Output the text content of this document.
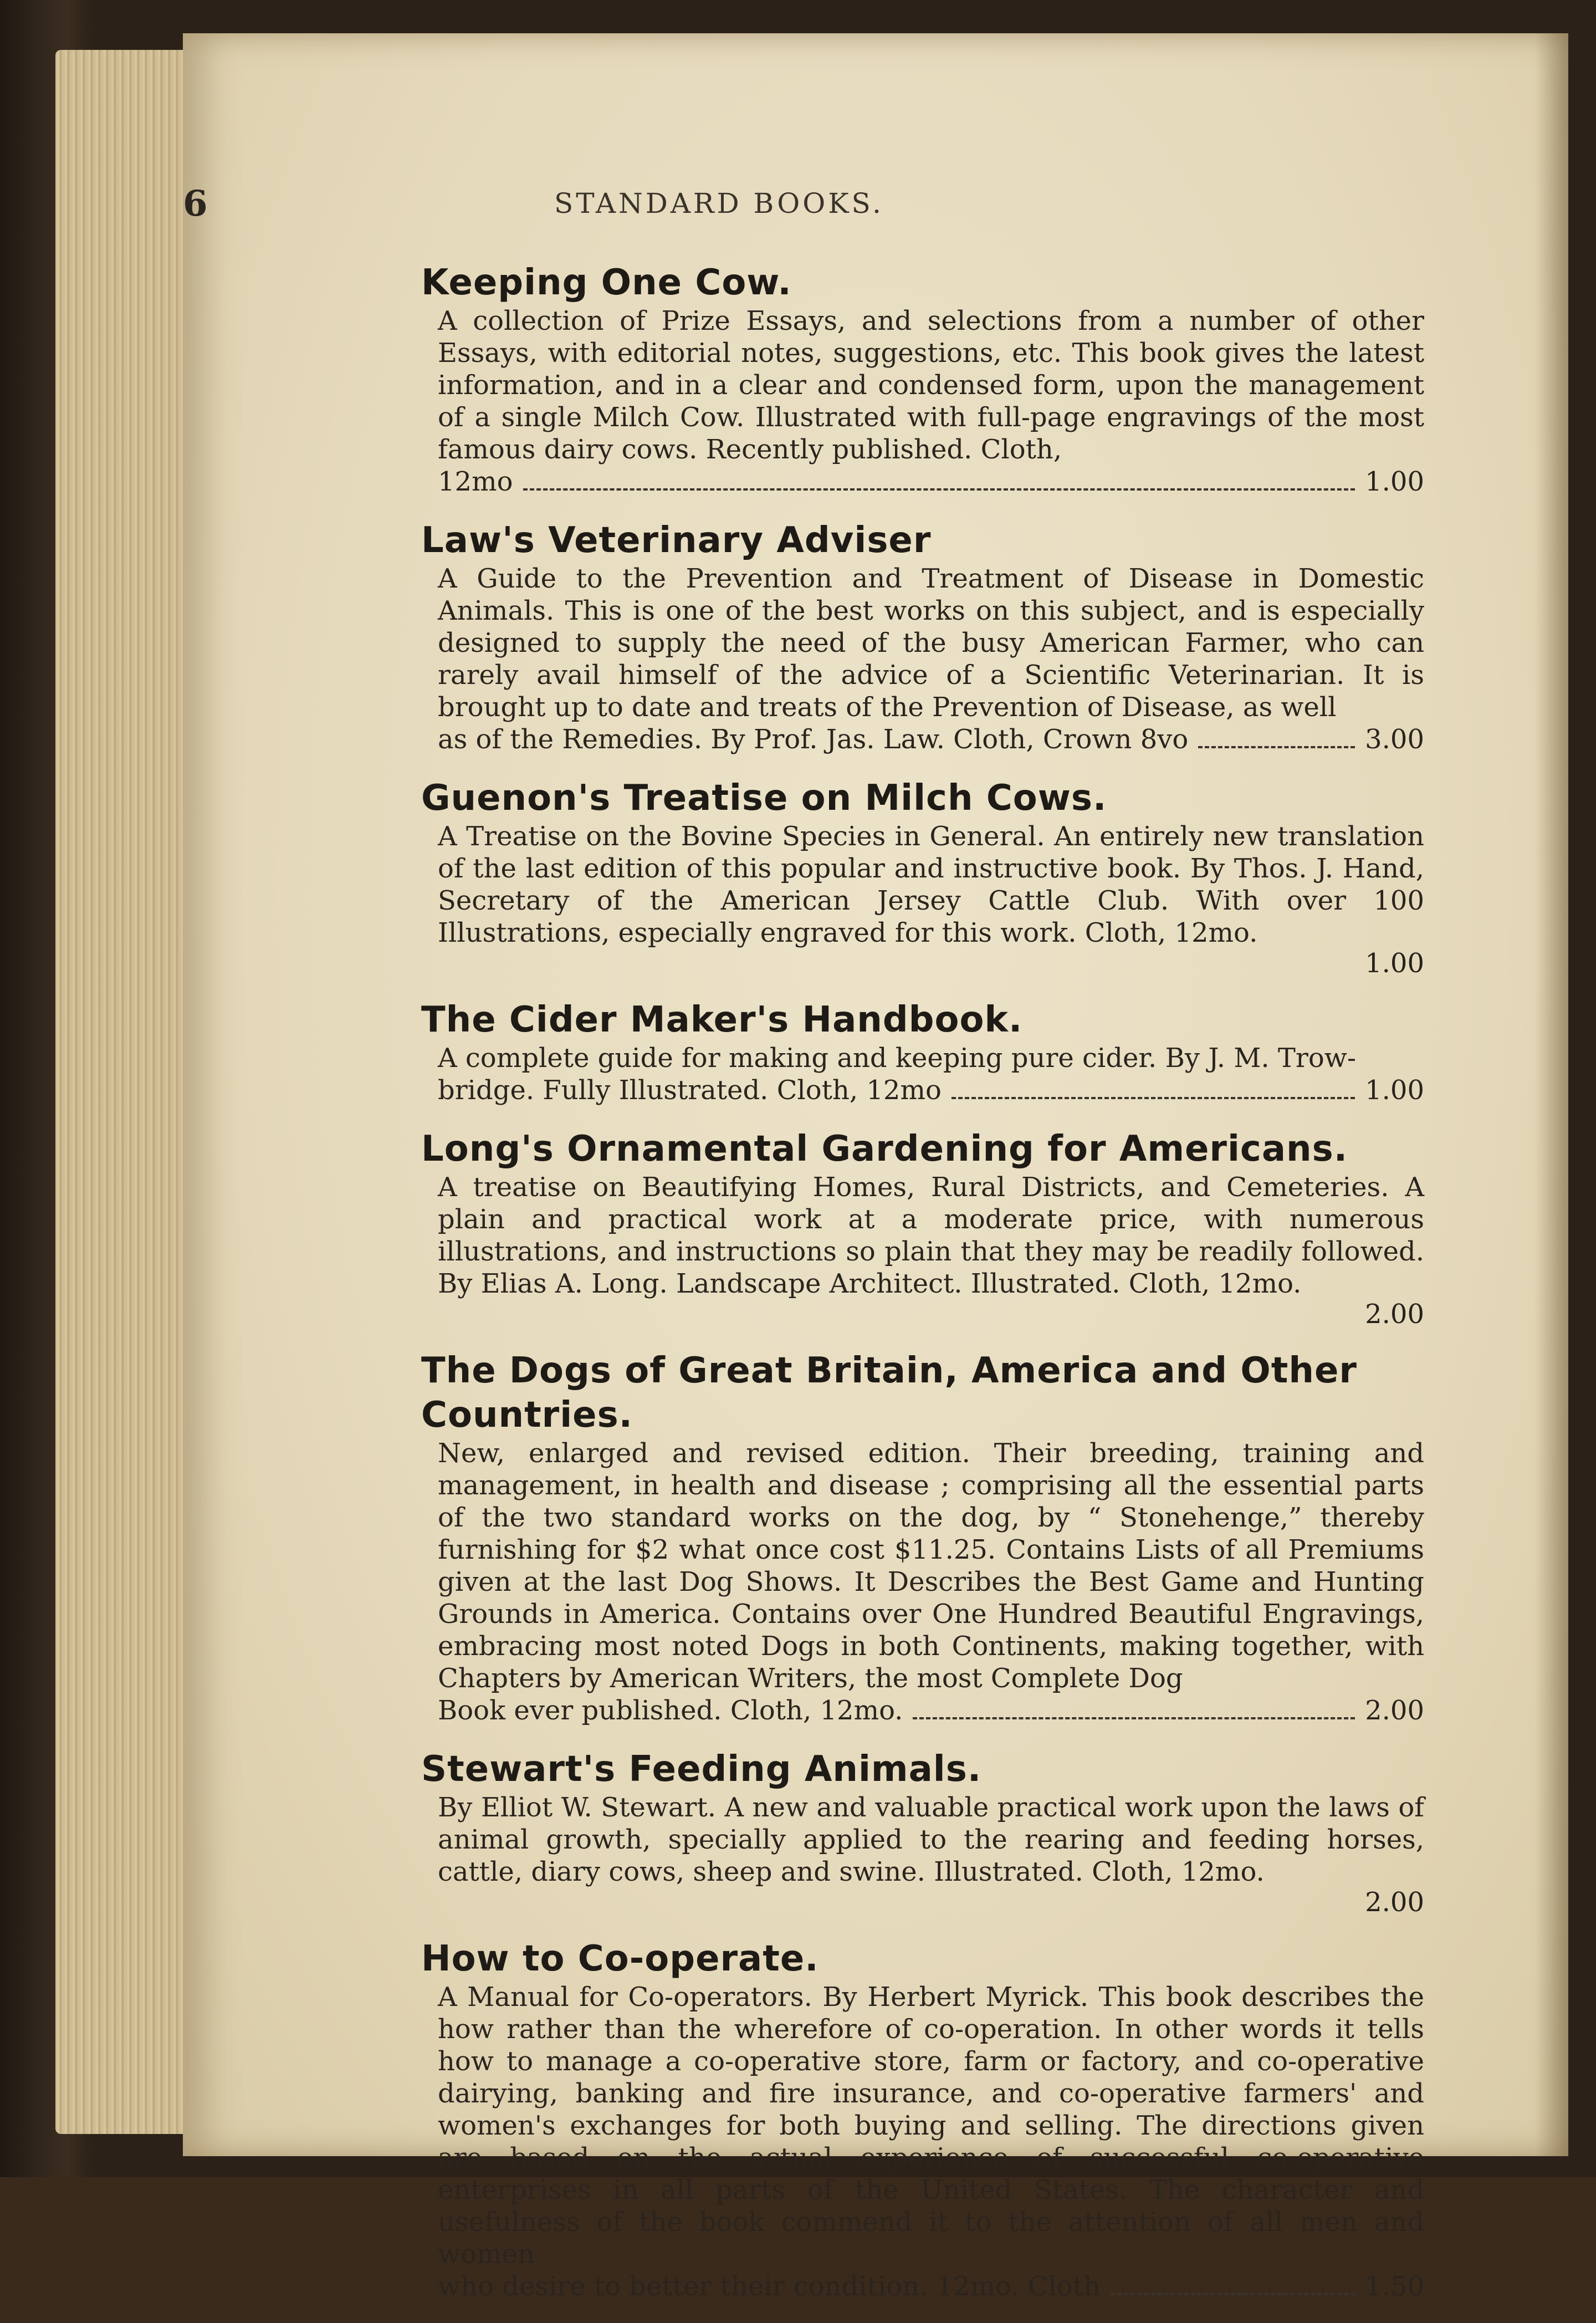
6	STANDARD BOOKS.
Keeping One Cow.
A collection of Prize Essays, and selections from a number of other Essays, with editorial notes, suggestions, etc. This book gives the latest information, and in a clear and condensed form, upon the management of a single Milch Cow. Illustrated with full-page engravings of the most famous dairy cows. Recently published. Cloth,
12mo	1.00
Law's Veterinary Adviser
A Guide to the Prevention and Treatment of Disease in Domestic Animals. This is one of the best works on this subject, and is especially designed to supply the need of the busy American Farmer, who can rarely avail himself of the advice of a Scientific Veterinarian. It is brought up to date and treats of the Prevention of Disease, as well
as of the Remedies. By Prof. Jas. Law. Cloth, Crown 8vo	3.00
Guenon's Treatise on Milch Cows.
A Treatise on the Bovine Species in General. An entirely new translation of the last edition of this popular and instructive book. By Thos. J. Hand, Secretary of the American Jersey Cattle Club. With over 100 Illustrations, especially engraved for this work. Cloth, 12mo.
1.00
The Cider Maker's Handbook.
A complete guide for making and keeping pure cider. By J. M. Trow-
bridge. Fully Illustrated. Cloth, 12mo	1.00
Long's Ornamental Gardening for Americans.
A treatise on Beautifying Homes, Rural Districts, and Cemeteries. A plain and practical work at a moderate price, with numerous illustrations, and instructions so plain that they may be readily followed. By Elias A. Long. Landscape Architect. Illustrated. Cloth, 12mo.
2.00
The Dogs of Great Britain, America and Other Countries.
New, enlarged and revised edition. Their breeding, training and management, in health and disease ; comprising all the essential parts of the two standard works on the dog, by “ Stonehenge,” thereby furnishing for $2 what once cost $11.25. Contains Lists of all Premiums given at the last Dog Shows. It Describes the Best Game and Hunting Grounds in America. Contains over One Hundred Beautiful Engravings, embracing most noted Dogs in both Continents, making together, with Chapters by American Writers, the most Complete Dog
Book ever published. Cloth, 12mo.	2.00
Stewart's Feeding Animals.
By Elliot W. Stewart. A new and valuable practical work upon the laws of animal growth, specially applied to the rearing and feeding horses, cattle, diary cows, sheep and swine. Illustrated. Cloth, 12mo.
2.00
How to Co-operate.
A Manual for Co-operators. By Herbert Myrick. This book describes the how rather than the wherefore of co-operation. In other words it tells how to manage a co-operative store, farm or factory, and co-operative dairying, banking and fire insurance, and co-operative farmers' and women's exchanges for both buying and selling. The directions given are based on the actual experience of successful co-operative enterprises in all parts of the United States. The character and usefulness of the book commend it to the attention of all men and women
who desire to better their condition. 12mo. Cloth	1.50
